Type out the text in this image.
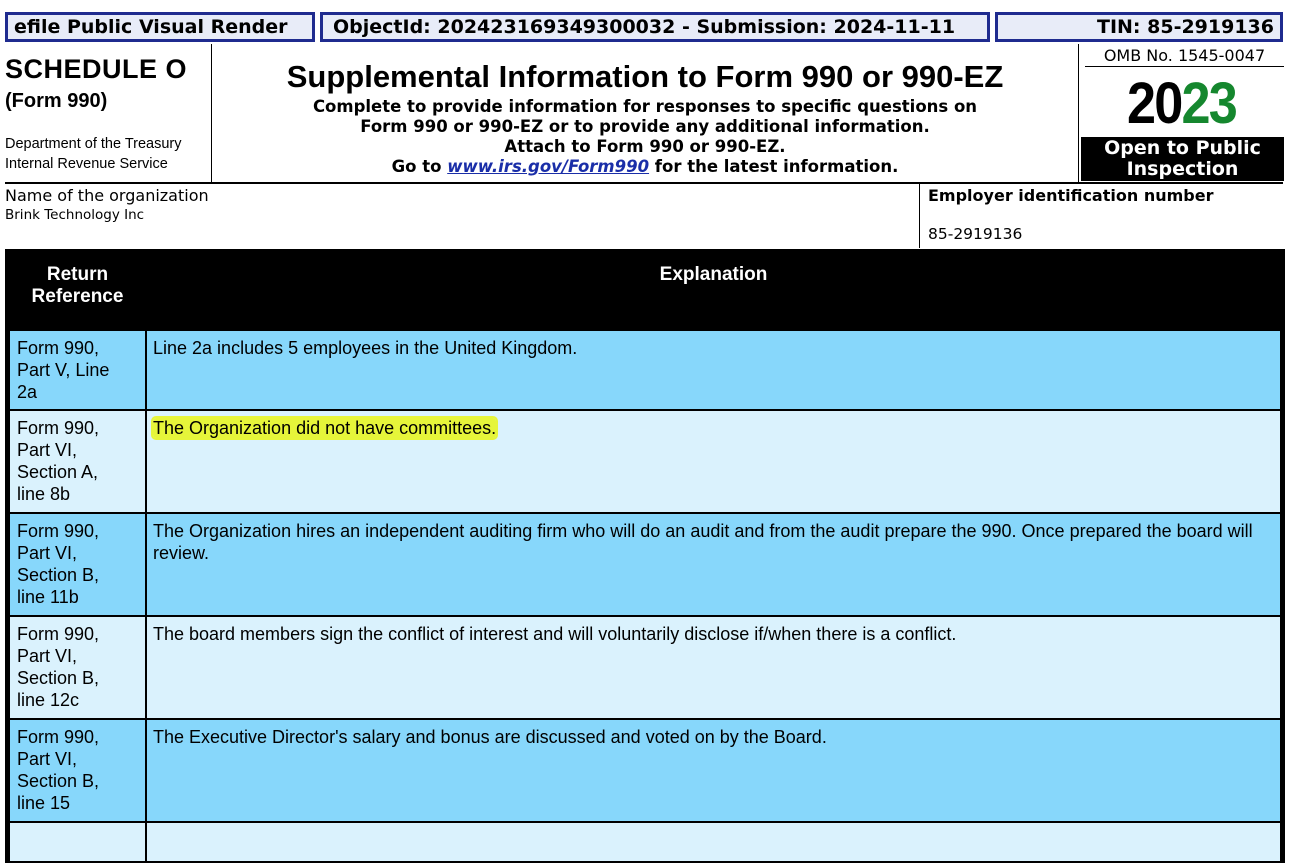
efile Public Visual Render	ObjectId: 202423169349300032 - Submission: 2024-11-11	TIN: 85-2919136
SCHEDULE O
(Form 990)
Department of the Treasury
Internal Revenue Service
Supplemental Information to Form 990 or 990-EZ
Complete to provide information for responses to specific questions on
Form 990 or 990-EZ or to provide any additional information.
Attach to Form 990 or 990-EZ.
Go to www.irs.gov/Form990 for the latest information.
OMB No. 1545-0047
2023
Open to Public
Inspection
Name of the organization
Brink Technology Inc
Employer identification number
85-2919136
Return
Reference	Explanation

Form 990,
Part V, Line
2a	Line 2a includes 5 employees in the United Kingdom.

Form 990,
Part VI,
Section A,
line 8b	The Organization did not have committees.

Form 990,
Part VI,
Section B,
line 11b	The Organization hires an independent auditing firm who will do an audit and from the audit prepare the 990. Once prepared the board will review.

Form 990,
Part VI,
Section B,
line 12c	The board members sign the conflict of interest and will voluntarily disclose if/when there is a conflict.

Form 990,
Part VI,
Section B,
line 15	The Executive Director's salary and bonus are discussed and voted on by the Board.
